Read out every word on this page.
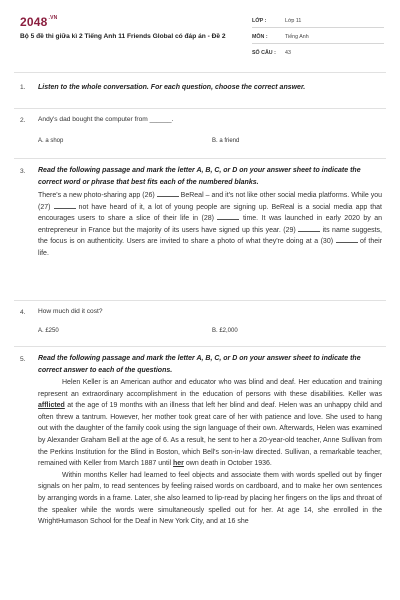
$2048^{.VN}$
Bộ 5 đề thi giữa kì 2 Tiếng Anh 11 Friends Global có đáp án - Đề 2
LỚP :	Lớp 11
MÔN :	Tiếng Anh
SỐ CÂU : 43
1. Listen to the whole conversation. For each question, choose the correct answer.
2. Andy's dad bought the computer from ______.
A. a shop	B. a friend
3. Read the following passage and mark the letter A, B, C, or D on your answer sheet to indicate the correct word or phrase that best fits each of the numbered blanks.

There's a new photo-sharing app (26)	BeReal – and it's not like other social media platforms. While you (27)	not have heard of it, a lot of young people are signing up. BeReal is a social media app that encourages users to share a slice of their life in (28)	time. It was launched in early 2020 by an entrepreneur in France but the majority of its users have signed up this year. (29)	its name suggests, the focus is on authenticity. Users are invited to share a photo of what they're doing at a (30)	of their life.

4. How much did it cost?
A. £250	B. £2,000
5. Read the following passage and mark the letter A, B, C, or D on your answer sheet to indicate the correct answer to each of the questions.

Helen Keller is an American author and educator who was blind and deaf. Her education and training represent an extraordinary accomplishment in the education of persons with these disabilities. Keller was afflicted at the age of 19 months with an illness that left her blind and deaf. Helen was an unhappy child and often threw a tantrum. However, her mother took great care of her with patience and love. She used to hang out with the daughter of the family cook using the sign language of their own. Afterwards, Helen was examined by Alexander Graham Bell at the age of 6. As a result, he sent to her a 20-year-old teacher, Anne Sullivan from the Perkins Institution for the Blind in Boston, which Bell's son-in-law directed. Sullivan, a remarkable teacher, remained with Keller from March 1887 until her own death in October 1936.

Within months Keller had learned to feel objects and associate them with words spelled out by finger signals on her palm, to read sentences by feeling raised words on cardboard, and to make her own sentences by arranging words in a frame. Later, she also learned to lip-read by placing her fingers on the lips and throat of the speaker while the words were simultaneously spelled out for her. At age 14, she enrolled in the WrightHumason School for the Deaf in New York City, and at 16 she
